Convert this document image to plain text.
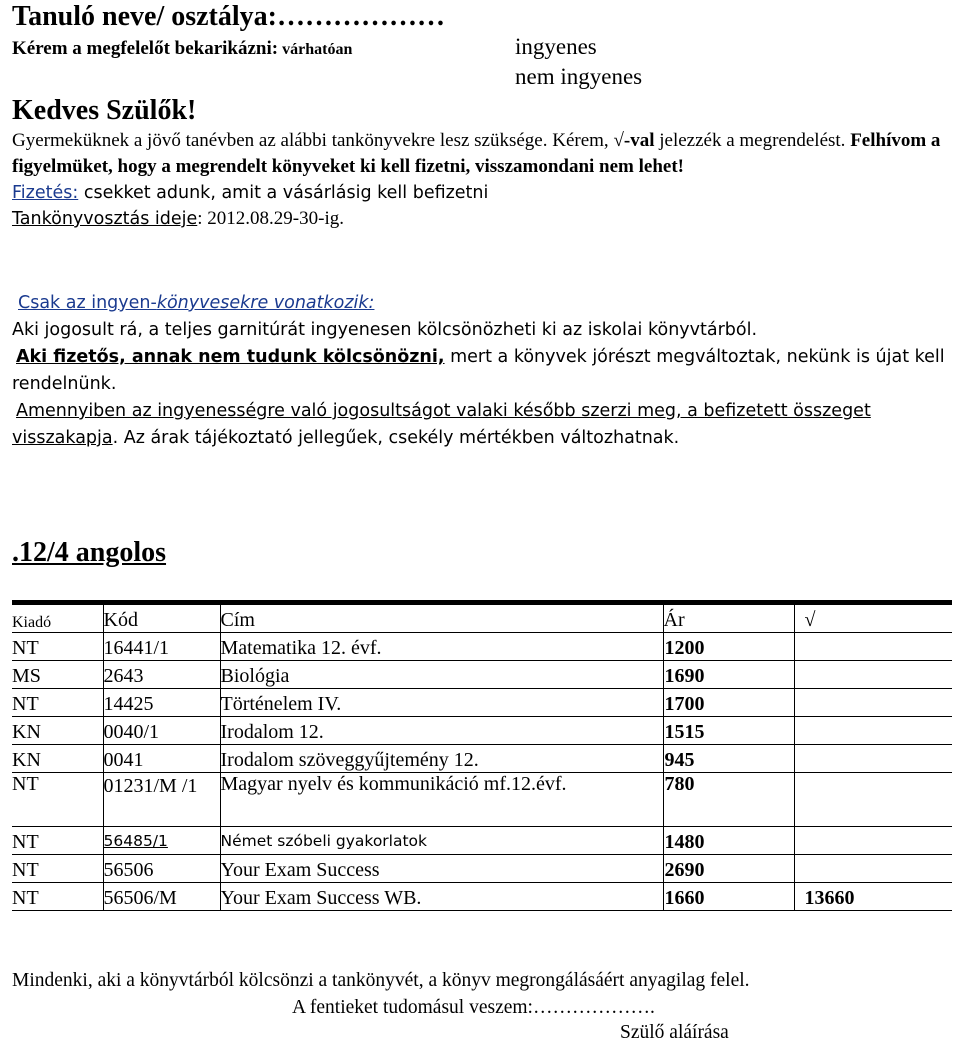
Tanuló neve/ osztálya:………………
Kérem a megfelelőt bekarikázni: várhatóan	ingyenes
nem ingyenes
Kedves Szülők!
Gyermeküknek a jövő tanévben az alábbi tankönyvekre lesz szüksége. Kérem, √-val jelezzék a megrendelést. Felhívom a figyelmüket, hogy a megrendelt könyveket ki kell fizetni, visszamondani nem lehet!
Fizetés: csekket adunk, amit a vásárlásig kell befizetni
Tankönyvosztás ideje: 2012.08.29-30-ig.
Csak az ingyen-könyvesekre vonatkozik:
Aki jogosult rá, a teljes garnitúrát ingyenesen kölcsönözheti ki az iskolai könyvtárból.
Aki fizetős, annak nem tudunk kölcsönözni, mert a könyvek jórészt megváltoztak, nekünk is újat kell rendelnünk.
Amennyiben az ingyenességre való jogosultságot valaki később szerzi meg, a befizetett összeget visszakapja. Az árak tájékoztató jellegűek, csekély mértékben változhatnak.
.12/4 angolos
Kiadó	Kód	Cím	Ár	√
NT	16441/1	Matematika 12. évf.	1200	
MS	2643	Biológia	1690	
NT	14425	Történelem IV.	1700	
KN	0040/1	Irodalom 12.	1515	
KN	0041	Irodalom szöveggyűjtemény 12.	945	
NT	01231/M /1	Magyar nyelv és kommunikáció mf.12.évf.	780	
NT	56485/1	Német szóbeli gyakorlatok	1480	
NT	56506	Your Exam Success	2690	
NT	56506/M	Your Exam Success WB.	1660	13660
Mindenki, aki a könyvtárból kölcsönzi a tankönyvét, a könyv megrongálásáért anyagilag felel.
A fentieket tudomásul veszem:……………….
Szülő aláírása
